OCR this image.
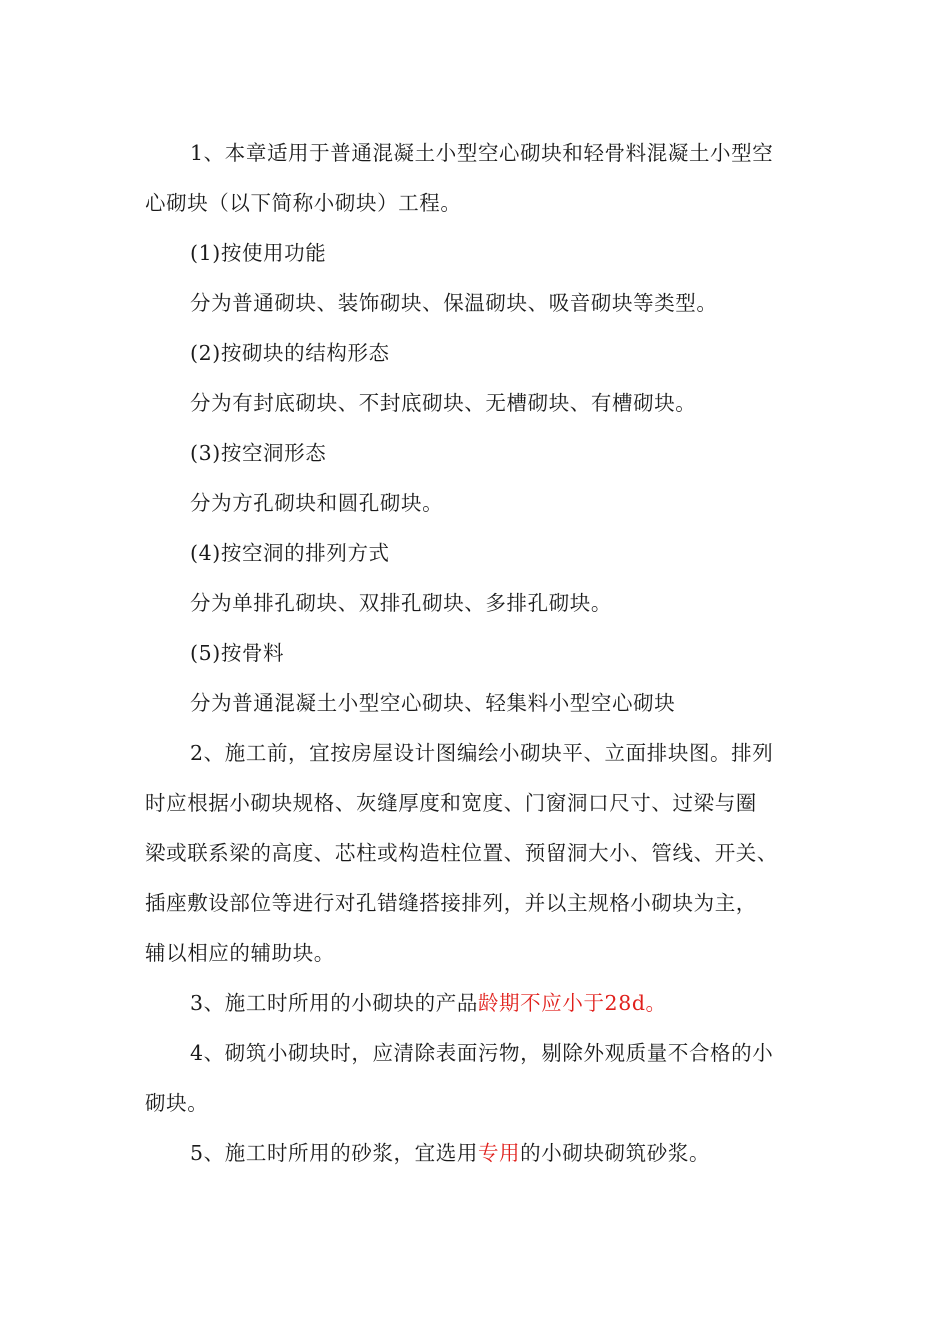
1、本章适用于普通混凝土小型空心砌块和轻骨料混凝土小型空
心砌块（以下简称小砌块）工程。
(1)按使用功能
分为普通砌块、装饰砌块、保温砌块、吸音砌块等类型。
(2)按砌块的结构形态
分为有封底砌块、不封底砌块、无槽砌块、有槽砌块。
(3)按空洞形态
分为方孔砌块和圆孔砌块。
(4)按空洞的排列方式
分为单排孔砌块、双排孔砌块、多排孔砌块。
(5)按骨料
分为普通混凝土小型空心砌块、轻集料小型空心砌块
2、施工前，宜按房屋设计图编绘小砌块平、立面排块图。排列
时应根据小砌块规格、灰缝厚度和宽度、门窗洞口尺寸、过梁与圈
梁或联系梁的高度、芯柱或构造柱位置、预留洞大小、管线、开关、
插座敷设部位等进行对孔错缝搭接排列，并以主规格小砌块为主，
辅以相应的辅助块。
3、施工时所用的小砌块的产品龄期不应小于28d。
4、砌筑小砌块时，应清除表面污物，剔除外观质量不合格的小
砌块。
5、施工时所用的砂浆，宜选用专用的小砌块砌筑砂浆。
